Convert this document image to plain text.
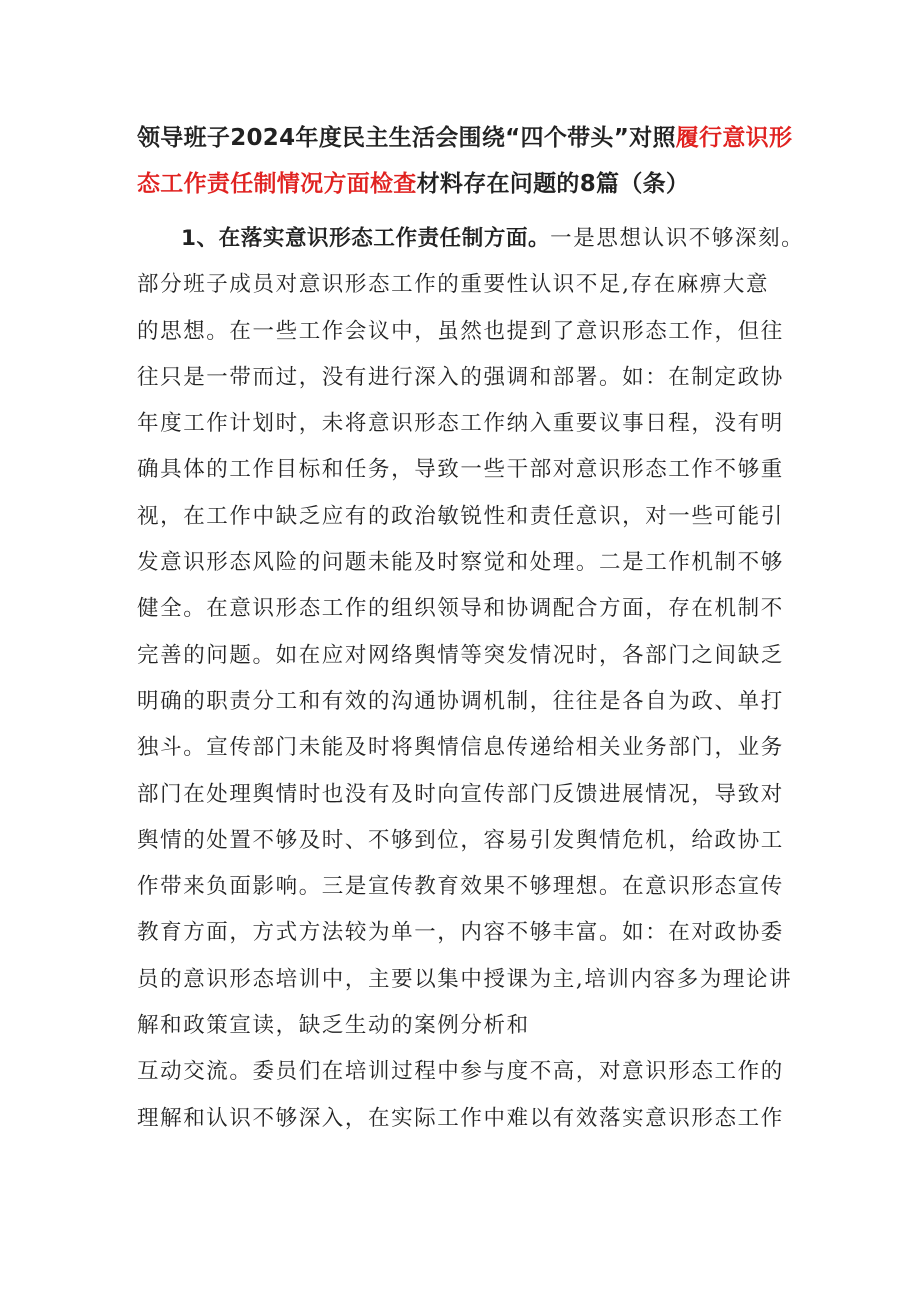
领导班子2024年度民主生活会围绕“四个带头”对照履行意识形态工作责任制情况方面检查材料存在问题的8篇（条）
1、在落实意识形态工作责任制方面。一是思想认识不够深刻。
部分班子成员对意识形态工作的重要性认识不足,存在麻痹大意
的思想。在一些工作会议中，虽然也提到了意识形态工作，但往
往只是一带而过，没有进行深入的强调和部署。如：在制定政协
年度工作计划时，未将意识形态工作纳入重要议事日程，没有明
确具体的工作目标和任务，导致一些干部对意识形态工作不够重
视，在工作中缺乏应有的政治敏锐性和责任意识，对一些可能引
发意识形态风险的问题未能及时察觉和处理。二是工作机制不够
健全。在意识形态工作的组织领导和协调配合方面，存在机制不
完善的问题。如在应对网络舆情等突发情况时，各部门之间缺乏
明确的职责分工和有效的沟通协调机制，往往是各自为政、单打
独斗。宣传部门未能及时将舆情信息传递给相关业务部门，业务
部门在处理舆情时也没有及时向宣传部门反馈进展情况，导致对
舆情的处置不够及时、不够到位，容易引发舆情危机，给政协工
作带来负面影响。三是宣传教育效果不够理想。在意识形态宣传
教育方面，方式方法较为单一，内容不够丰富。如：在对政协委
员的意识形态培训中，主要以集中授课为主,培训内容多为理论讲
解和政策宣读，缺乏生动的案例分析和
互动交流。委员们在培训过程中参与度不高，对意识形态工作的
理解和认识不够深入，在实际工作中难以有效落实意识形态工作
